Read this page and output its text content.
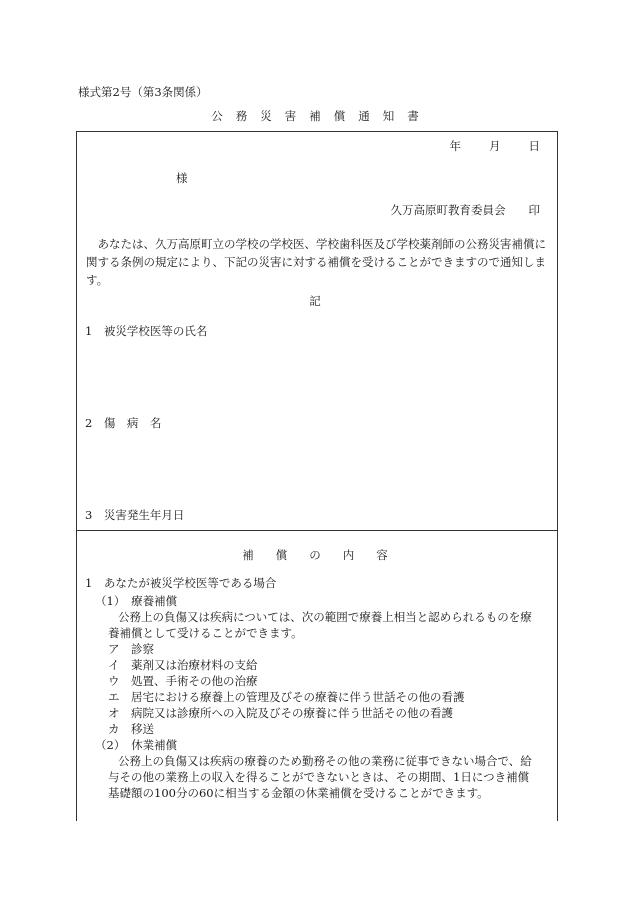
様式第2号（第3条関係）
公務災害補償通知書
年 月 日
様
久万高原町教育委員会　　印
あなたは、久万高原町立の学校の学校医、学校歯科医及び学校薬剤師の公務災害補償に関する条例の規定により、下記の災害に対する補償を受けることができますので通知します。
記
1　被災学校医等の氏名
2　傷　病　名
3　災害発生年月日
補償の内容
1　あなたが被災学校医等である場合
（1）　療養補償
公務上の負傷又は疾病については、次の範囲で療養上相当と認められるものを療
養補償として受けることができます。
ア　診察
イ　薬剤又は治療材料の支給
ウ　処置、手術その他の治療
エ　居宅における療養上の管理及びその療養に伴う世話その他の看護
オ　病院又は診療所への入院及びその療養に伴う世話その他の看護
カ　移送
（2）　休業補償
公務上の負傷又は疾病の療養のため勤務その他の業務に従事できない場合で、給
与その他の業務上の収入を得ることができないときは、その期間、1日につき補償
基礎額の100分の60に相当する金額の休業補償を受けることができます。
